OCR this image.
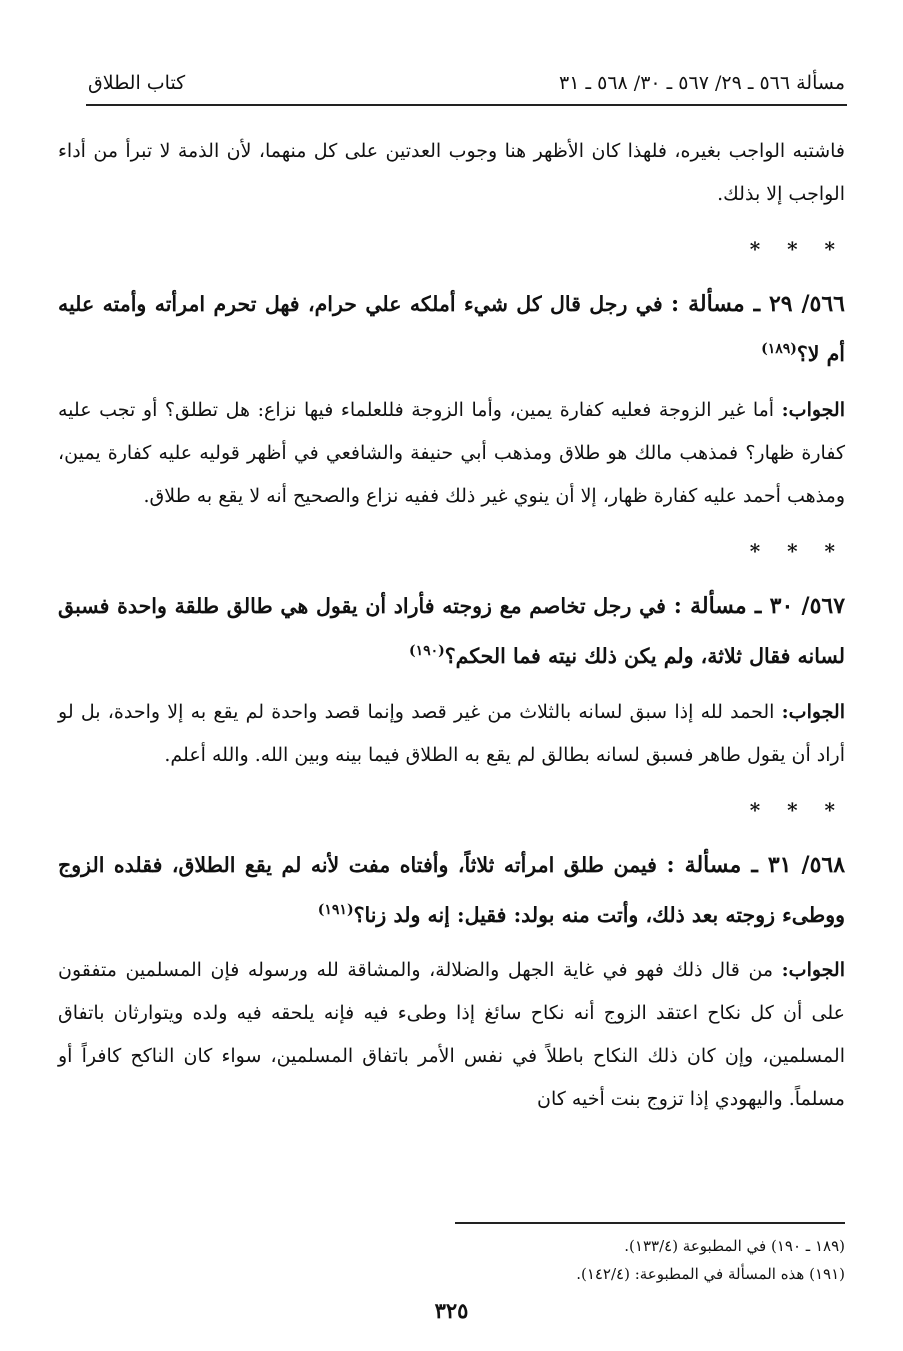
مسألة ٥٦٦ ـ ٢٩/ ٥٦٧ ـ ٣٠/ ٥٦٨ ـ ٣١
كتاب الطلاق

فاشتبه الواجب بغيره، فلهذا كان الأظهر هنا وجوب العدتين على كل منهما، لأن الذمة لا تبرأ من أداء الواجب إلا بذلك.

* * *

٥٦٦/ ٢٩ ـ مسألة : في رجل قال كل شيء أملكه علي حرام، فهل تحرم امرأته وأمته عليه أم لا؟$^{(١٨٩)}$

الجواب: أما غير الزوجة فعليه كفارة يمين، وأما الزوجة فللعلماء فيها نزاع: هل تطلق؟ أو تجب عليه كفارة ظهار؟ فمذهب مالك هو طلاق ومذهب أبي حنيفة والشافعي في أظهر قوليه عليه كفارة يمين، ومذهب أحمد عليه كفارة ظهار، إلا أن ينوي غير ذلك ففيه نزاع والصحيح أنه لا يقع به طلاق.

* * *

٥٦٧/ ٣٠ ـ مسألة : في رجل تخاصم مع زوجته فأراد أن يقول هي طالق طلقة واحدة فسبق لسانه فقال ثلاثة، ولم يكن ذلك نيته فما الحكم؟$^{(١٩٠)}$

الجواب: الحمد لله إذا سبق لسانه بالثلاث من غير قصد وإنما قصد واحدة لم يقع به إلا واحدة، بل لو أراد أن يقول طاهر فسبق لسانه بطالق لم يقع به الطلاق فيما بينه وبين الله. والله أعلم.

* * *

٥٦٨/ ٣١ ـ مسألة : فيمن طلق امرأته ثلاثاً، وأفتاه مفت لأنه لم يقع الطلاق، فقلده الزوج ووطىء زوجته بعد ذلك، وأتت منه بولد: فقيل: إنه ولد زنا؟$^{(١٩١)}$

الجواب: من قال ذلك فهو في غاية الجهل والضلالة، والمشاقة لله ورسوله فإن المسلمين متفقون على أن كل نكاح اعتقد الزوج أنه نكاح سائغ إذا وطىء فيه فإنه يلحقه فيه ولده ويتوارثان باتفاق المسلمين، وإن كان ذلك النكاح باطلاً في نفس الأمر باتفاق المسلمين، سواء كان الناكح كافراً أو مسلماً. واليهودي إذا تزوج بنت أخيه كان

(١٨٩ ـ ١٩٠) في المطبوعة (١٣٣/٤).

(١٩١) هذه المسألة في المطبوعة: (١٤٢/٤).

٣٢٥
